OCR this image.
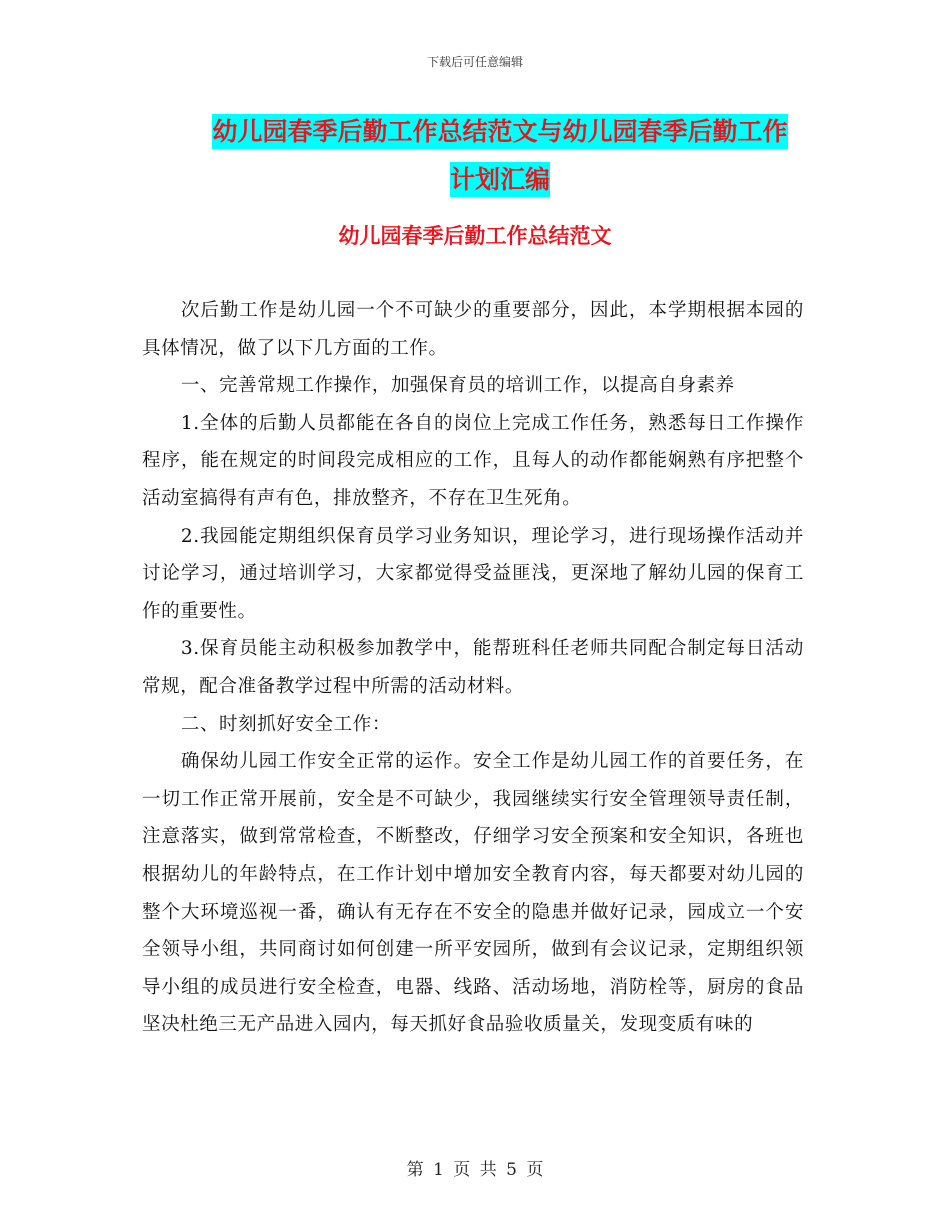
下载后可任意编辑
幼儿园春季后勤工作总结范文与幼儿园春季后勤工作
计划汇编
幼儿园春季后勤工作总结范文

次后勤工作是幼儿园一个不可缺少的重要部分，因此，本学期根据本园的具体情况，做了以下几方面的工作。

一、完善常规工作操作，加强保育员的培训工作，以提高自身素养

1.全体的后勤人员都能在各自的岗位上完成工作任务，熟悉每日工作操作程序，能在规定的时间段完成相应的工作，且每人的动作都能娴熟有序把整个活动室搞得有声有色，排放整齐，不存在卫生死角。

2.我园能定期组织保育员学习业务知识，理论学习，进行现场操作活动并讨论学习，通过培训学习，大家都觉得受益匪浅，更深地了解幼儿园的保育工作的重要性。

3.保育员能主动积极参加教学中，能帮班科任老师共同配合制定每日活动常规，配合准备教学过程中所需的活动材料。

二、时刻抓好安全工作：

确保幼儿园工作安全正常的运作。安全工作是幼儿园工作的首要任务，在一切工作正常开展前，安全是不可缺少，我园继续实行安全管理领导责任制，注意落实，做到常常检查，不断整改，仔细学习安全预案和安全知识，各班也根据幼儿的年龄特点，在工作计划中增加安全教育内容，每天都要对幼儿园的整个大环境巡视一番，确认有无存在不安全的隐患并做好记录，园成立一个安全领导小组，共同商讨如何创建一所平安园所，做到有会议记录，定期组织领导小组的成员进行安全检查，电器、线路、活动场地，消防栓等，厨房的食品坚决杜绝三无产品进入园内，每天抓好食品验收质量关，发现变质有味的

第 1 页 共 5 页
